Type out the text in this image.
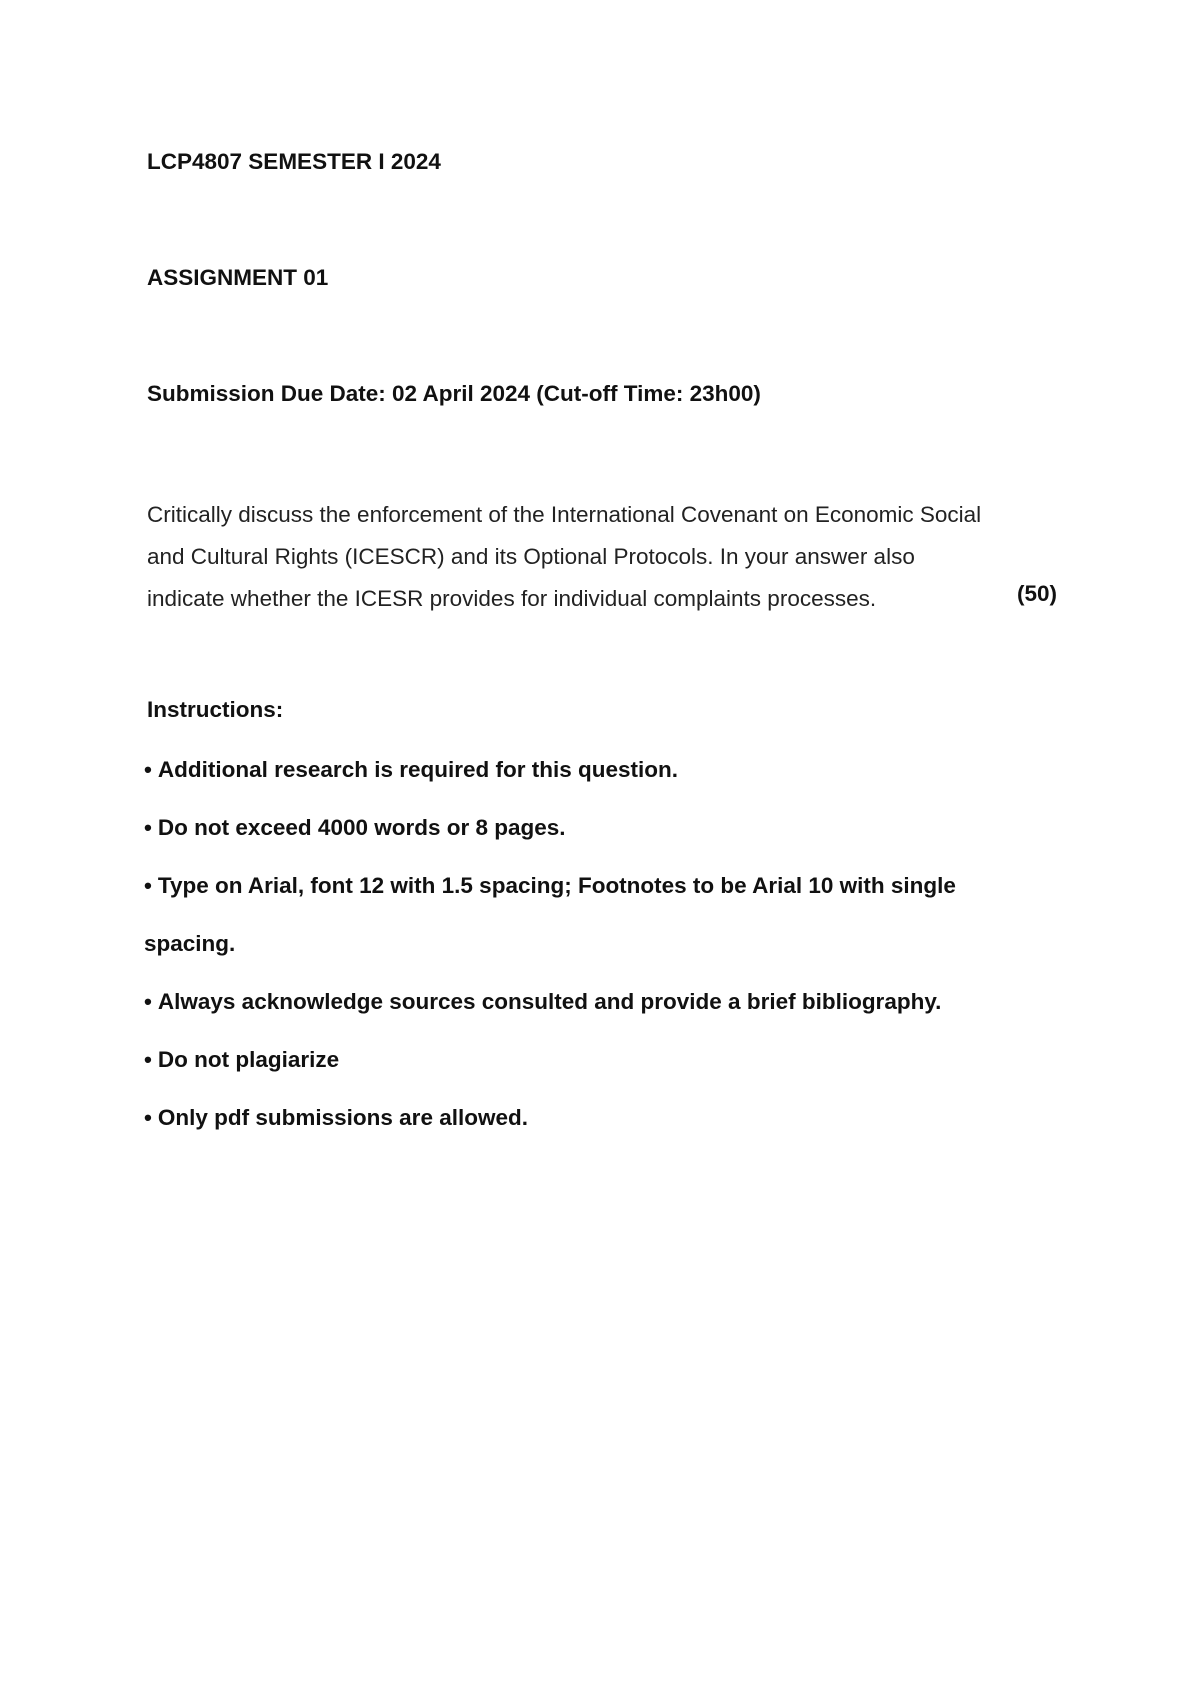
LCP4807 SEMESTER I 2024

ASSIGNMENT 01

Submission Due Date: 02 April 2024 (Cut-off Time: 23h00)

Critically discuss the enforcement of the International Covenant on Economic Social
and Cultural Rights (ICESCR) and its Optional Protocols. In your answer also
indicate whether the ICESR provides for individual complaints processes.	(50)

Instructions:

• Additional research is required for this question.
• Do not exceed 4000 words or 8 pages.
• Type on Arial, font 12 with 1.5 spacing; Footnotes to be Arial 10 with single
spacing.
• Always acknowledge sources consulted and provide a brief bibliography.
• Do not plagiarize
• Only pdf submissions are allowed.
